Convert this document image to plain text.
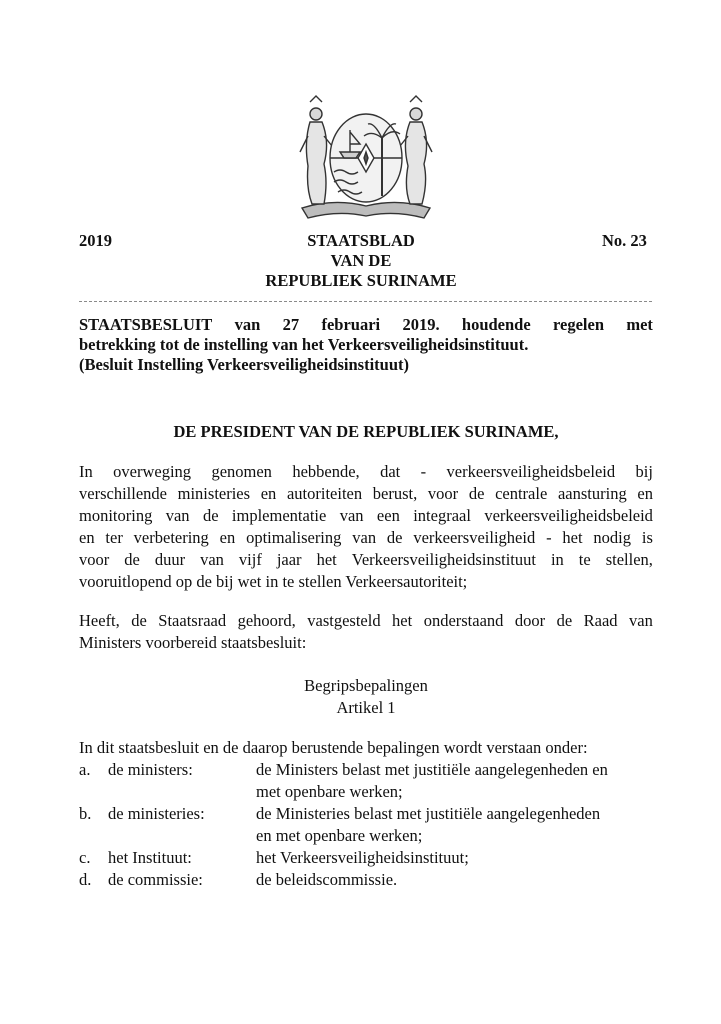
2019	STAATSBLAD
VAN DE
REPUBLIEK SURINAME
No. 23
STAATSBESLUIT van 27 februari 2019. houdende regelen met
betrekking tot de instelling van het Verkeersveiligheidsinstituut.
(Besluit Instelling Verkeersveiligheidsinstituut)
DE PRESIDENT VAN DE REPUBLIEK SURINAME,
In overweging genomen hebbende, dat - verkeersveiligheidsbeleid bij
verschillende ministeries en autoriteiten berust, voor de centrale aansturing en
monitoring van de implementatie van een integraal verkeersveiligheidsbeleid
en ter verbetering en optimalisering van de verkeersveiligheid - het nodig is
voor de duur van vijf jaar het Verkeersveiligheidsinstituut in te stellen,
vooruitlopend op de bij wet in te stellen Verkeersautoriteit;
Heeft, de Staatsraad gehoord, vastgesteld het onderstaand door de Raad van
Ministers voorbereid staatsbesluit:
Begripsbepalingen
Artikel 1
In dit staatsbesluit en de daarop berustende bepalingen wordt verstaan onder:
a. de ministers:	de Ministers belast met justitiële aangelegenheden en
met openbare werken;
b. de ministeries:	de Ministeries belast met justitiële aangelegenheden
en met openbare werken;
c. het Instituut:	het Verkeersveiligheidsinstituut;
d. de commissie:	de beleidscommissie.
